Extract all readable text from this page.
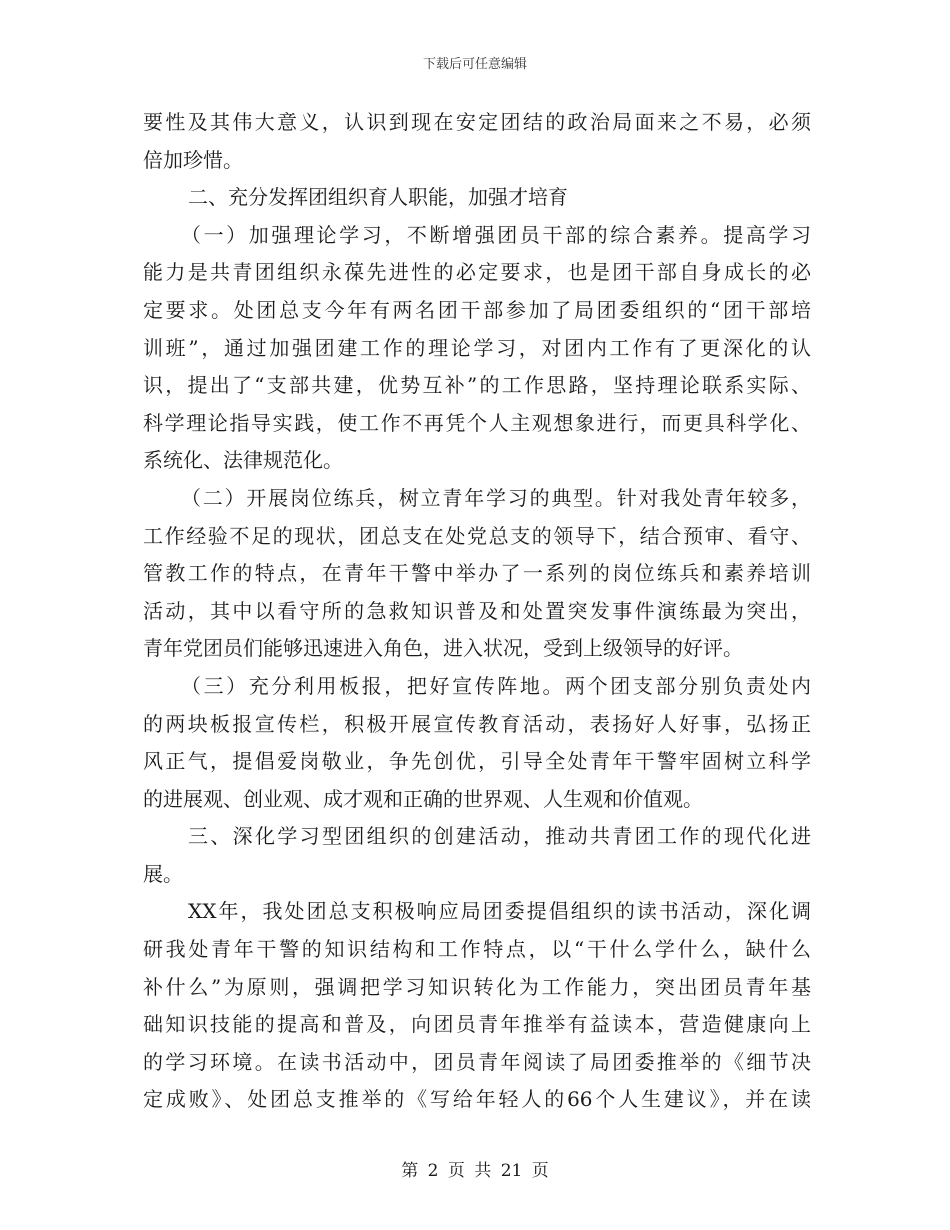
下载后可任意编辑
要性及其伟大意义，认识到现在安定团结的政治局面来之不易，必须
倍加珍惜。
二、充分发挥团组织育人职能，加强才培育
（一）加强理论学习，不断增强团员干部的综合素养。提高学习
能力是共青团组织永葆先进性的必定要求，也是团干部自身成长的必
定要求。处团总支今年有两名团干部参加了局团委组织的“团干部培
训班”，通过加强团建工作的理论学习，对团内工作有了更深化的认
识，提出了“支部共建，优势互补”的工作思路，坚持理论联系实际、
科学理论指导实践，使工作不再凭个人主观想象进行，而更具科学化、
系统化、法律规范化。
（二）开展岗位练兵，树立青年学习的典型。针对我处青年较多，
工作经验不足的现状，团总支在处党总支的领导下，结合预审、看守、
管教工作的特点，在青年干警中举办了一系列的岗位练兵和素养培训
活动，其中以看守所的急救知识普及和处置突发事件演练最为突出，
青年党团员们能够迅速进入角色，进入状况，受到上级领导的好评。
（三）充分利用板报，把好宣传阵地。两个团支部分别负责处内
的两块板报宣传栏，积极开展宣传教育活动，表扬好人好事，弘扬正
风正气，提倡爱岗敬业，争先创优，引导全处青年干警牢固树立科学
的进展观、创业观、成才观和正确的世界观、人生观和价值观。
三、深化学习型团组织的创建活动，推动共青团工作的现代化进
展。
XX年，我处团总支积极响应局团委提倡组织的读书活动，深化调
研我处青年干警的知识结构和工作特点，以“干什么学什么，缺什么
补什么”为原则，强调把学习知识转化为工作能力，突出团员青年基
础知识技能的提高和普及，向团员青年推举有益读本，营造健康向上
的学习环境。在读书活动中，团员青年阅读了局团委推举的《细节决
定成败》、处团总支推举的《写给年轻人的66个人生建议》，并在读
第 2 页 共 21 页
